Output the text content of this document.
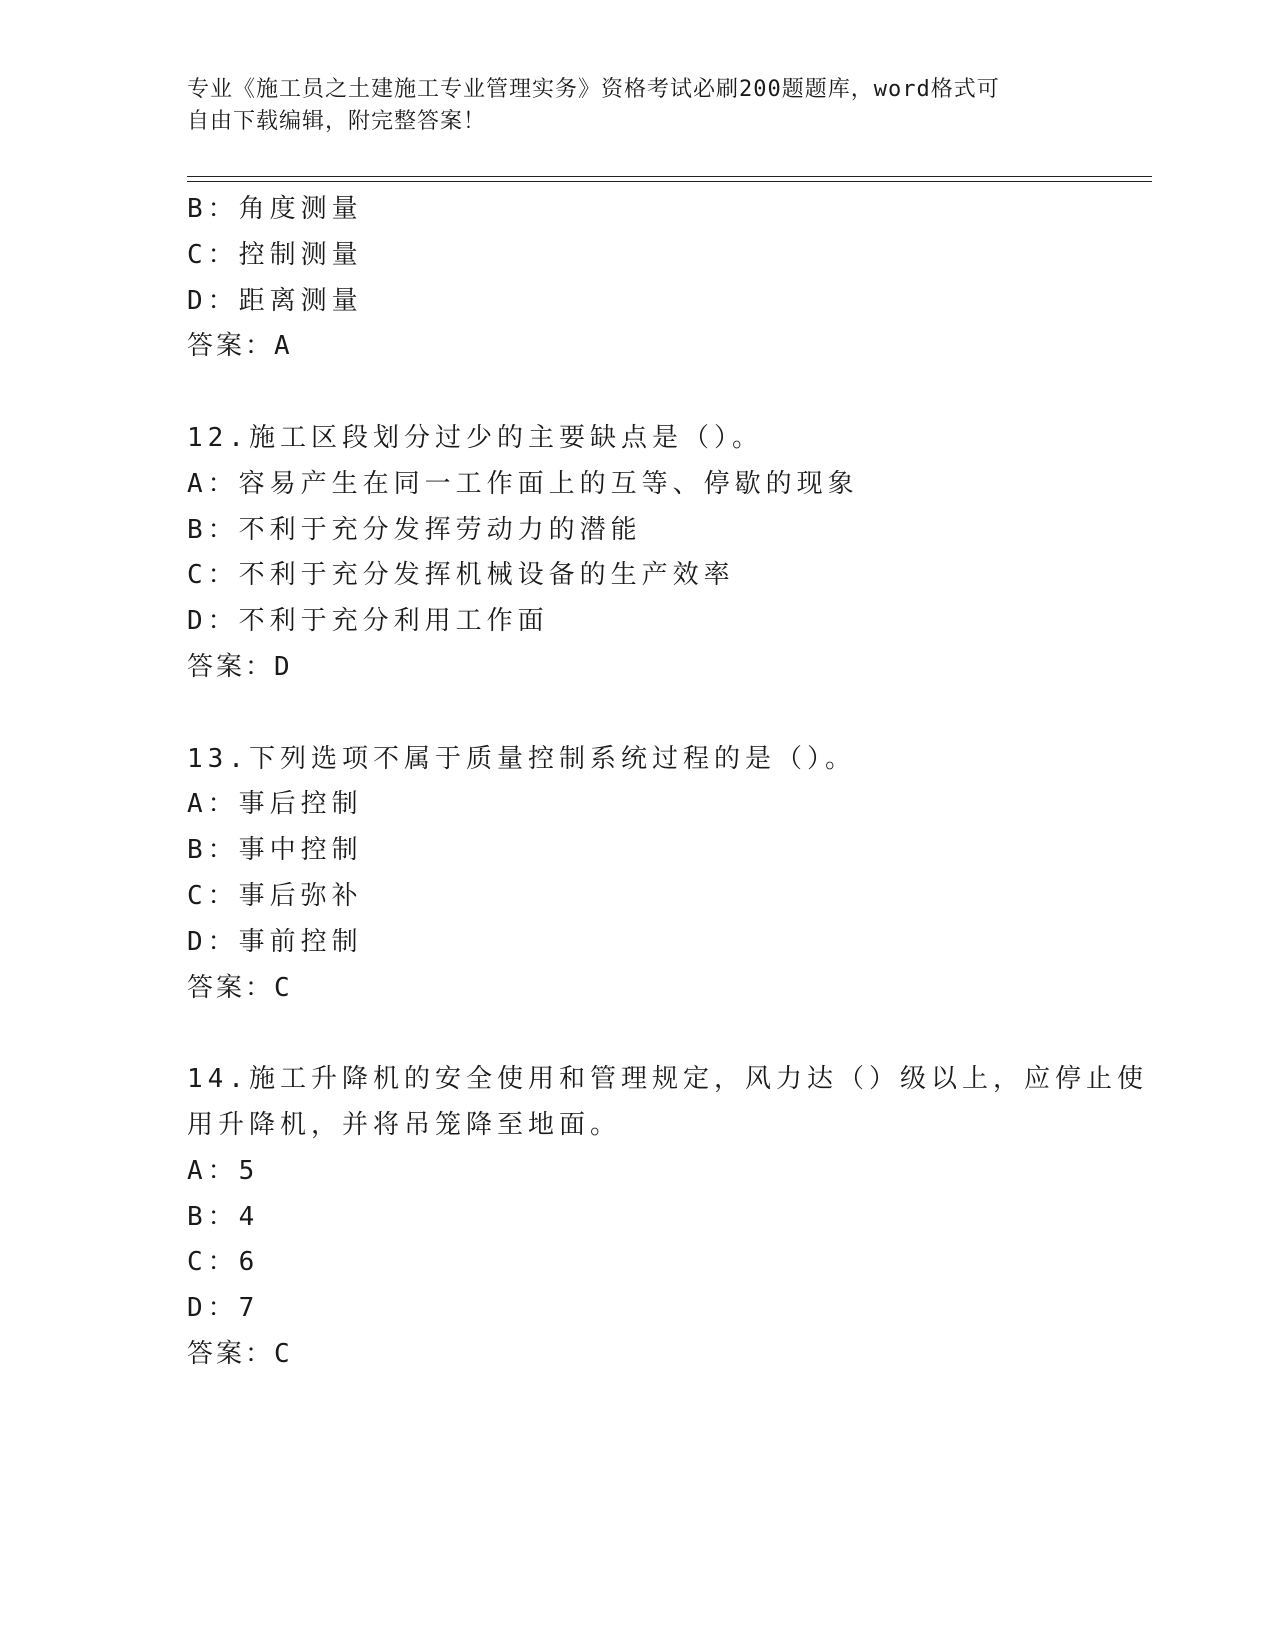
专业《施工员之土建施工专业管理实务》资格考试必刷200题题库，word格式可
自由下载编辑，附完整答案！
B：角度测量
C：控制测量
D：距离测量
答案：A
12.施工区段划分过少的主要缺点是（）。
A：容易产生在同一工作面上的互等、停歇的现象
B：不利于充分发挥劳动力的潜能
C：不利于充分发挥机械设备的生产效率
D：不利于充分利用工作面
答案：D
13.下列选项不属于质量控制系统过程的是（）。
A：事后控制
B：事中控制
C：事后弥补
D：事前控制
答案：C
14.施工升降机的安全使用和管理规定，风力达（）级以上，应停止使
用升降机，并将吊笼降至地面。
A：5
B：4
C：6
D：7
答案：C
